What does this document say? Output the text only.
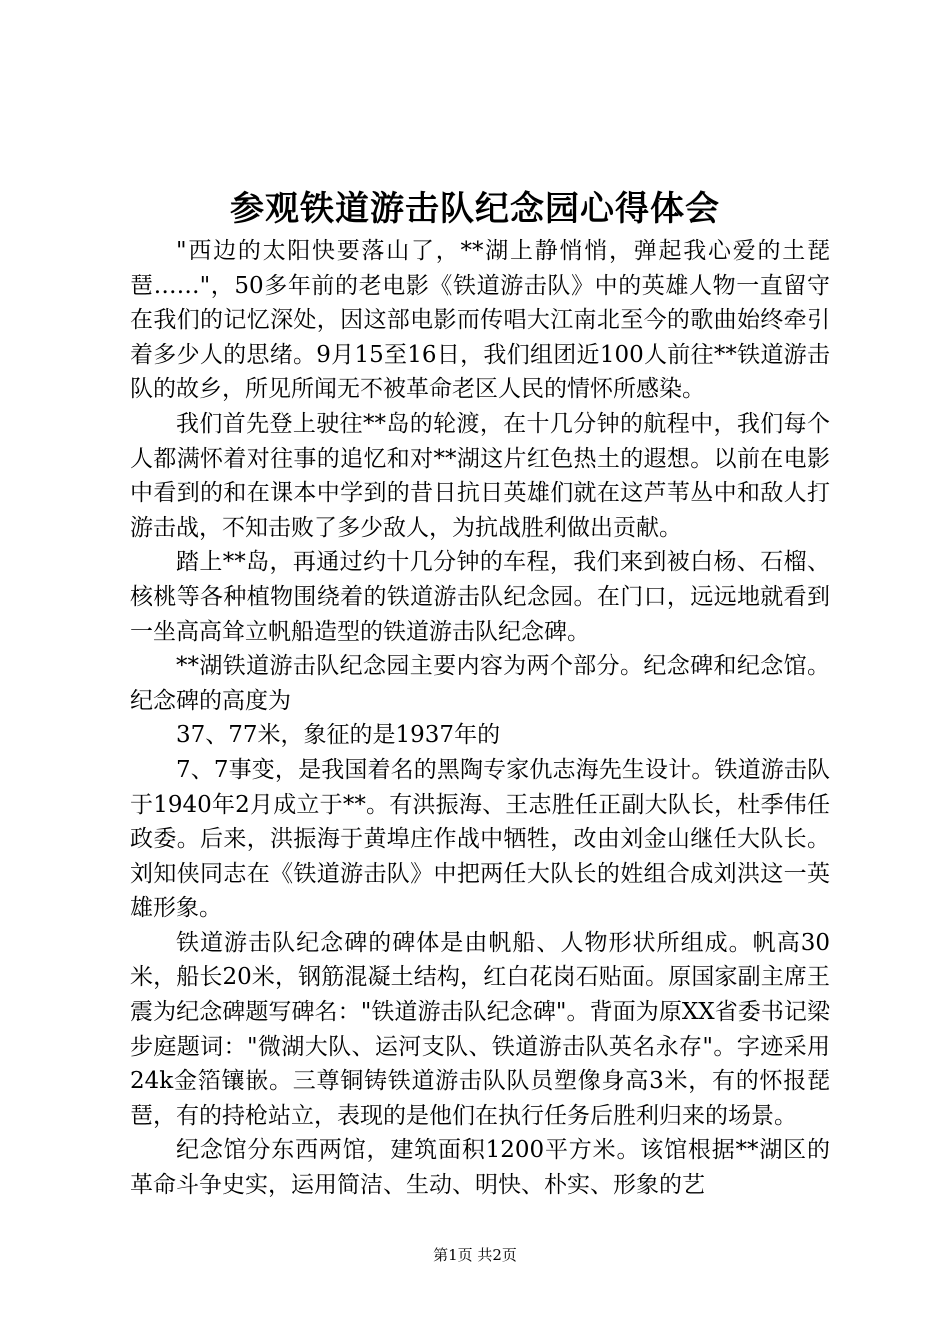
参观铁道游击队纪念园心得体会

"西边的太阳快要落山了，**湖上静悄悄，弹起我心爱的土琵琶……"，50多年前的老电影《铁道游击队》中的英雄人物一直留守在我们的记忆深处，因这部电影而传唱大江南北至今的歌曲始终牵引着多少人的思绪。9月15至16日，我们组团近100人前往**铁道游击队的故乡，所见所闻无不被革命老区人民的情怀所感染。

我们首先登上驶往**岛的轮渡，在十几分钟的航程中，我们每个人都满怀着对往事的追忆和对**湖这片红色热土的遐想。以前在电影中看到的和在课本中学到的昔日抗日英雄们就在这芦苇丛中和敌人打游击战，不知击败了多少敌人，为抗战胜利做出贡献。

踏上**岛，再通过约十几分钟的车程，我们来到被白杨、石榴、核桃等各种植物围绕着的铁道游击队纪念园。在门口，远远地就看到一坐高高耸立帆船造型的铁道游击队纪念碑。

**湖铁道游击队纪念园主要内容为两个部分。纪念碑和纪念馆。纪念碑的高度为

37、77米，象征的是1937年的

7、7事变，是我国着名的黑陶专家仇志海先生设计。铁道游击队于1940年2月成立于**。有洪振海、王志胜任正副大队长，杜季伟任政委。后来，洪振海于黄埠庄作战中牺牲，改由刘金山继任大队长。刘知侠同志在《铁道游击队》中把两任大队长的姓组合成刘洪这一英雄形象。

铁道游击队纪念碑的碑体是由帆船、人物形状所组成。帆高30米，船长20米，钢筋混凝土结构，红白花岗石贴面。原国家副主席王震为纪念碑题写碑名："铁道游击队纪念碑"。背面为原XX省委书记梁步庭题词："微湖大队、运河支队、铁道游击队英名永存"。字迹采用24k金箔镶嵌。三尊铜铸铁道游击队队员塑像身高3米，有的怀报琵琶，有的持枪站立，表现的是他们在执行任务后胜利归来的场景。

纪念馆分东西两馆，建筑面积1200平方米。该馆根据**湖区的革命斗争史实，运用简洁、生动、明快、朴实、形象的艺

第1页 共2页
